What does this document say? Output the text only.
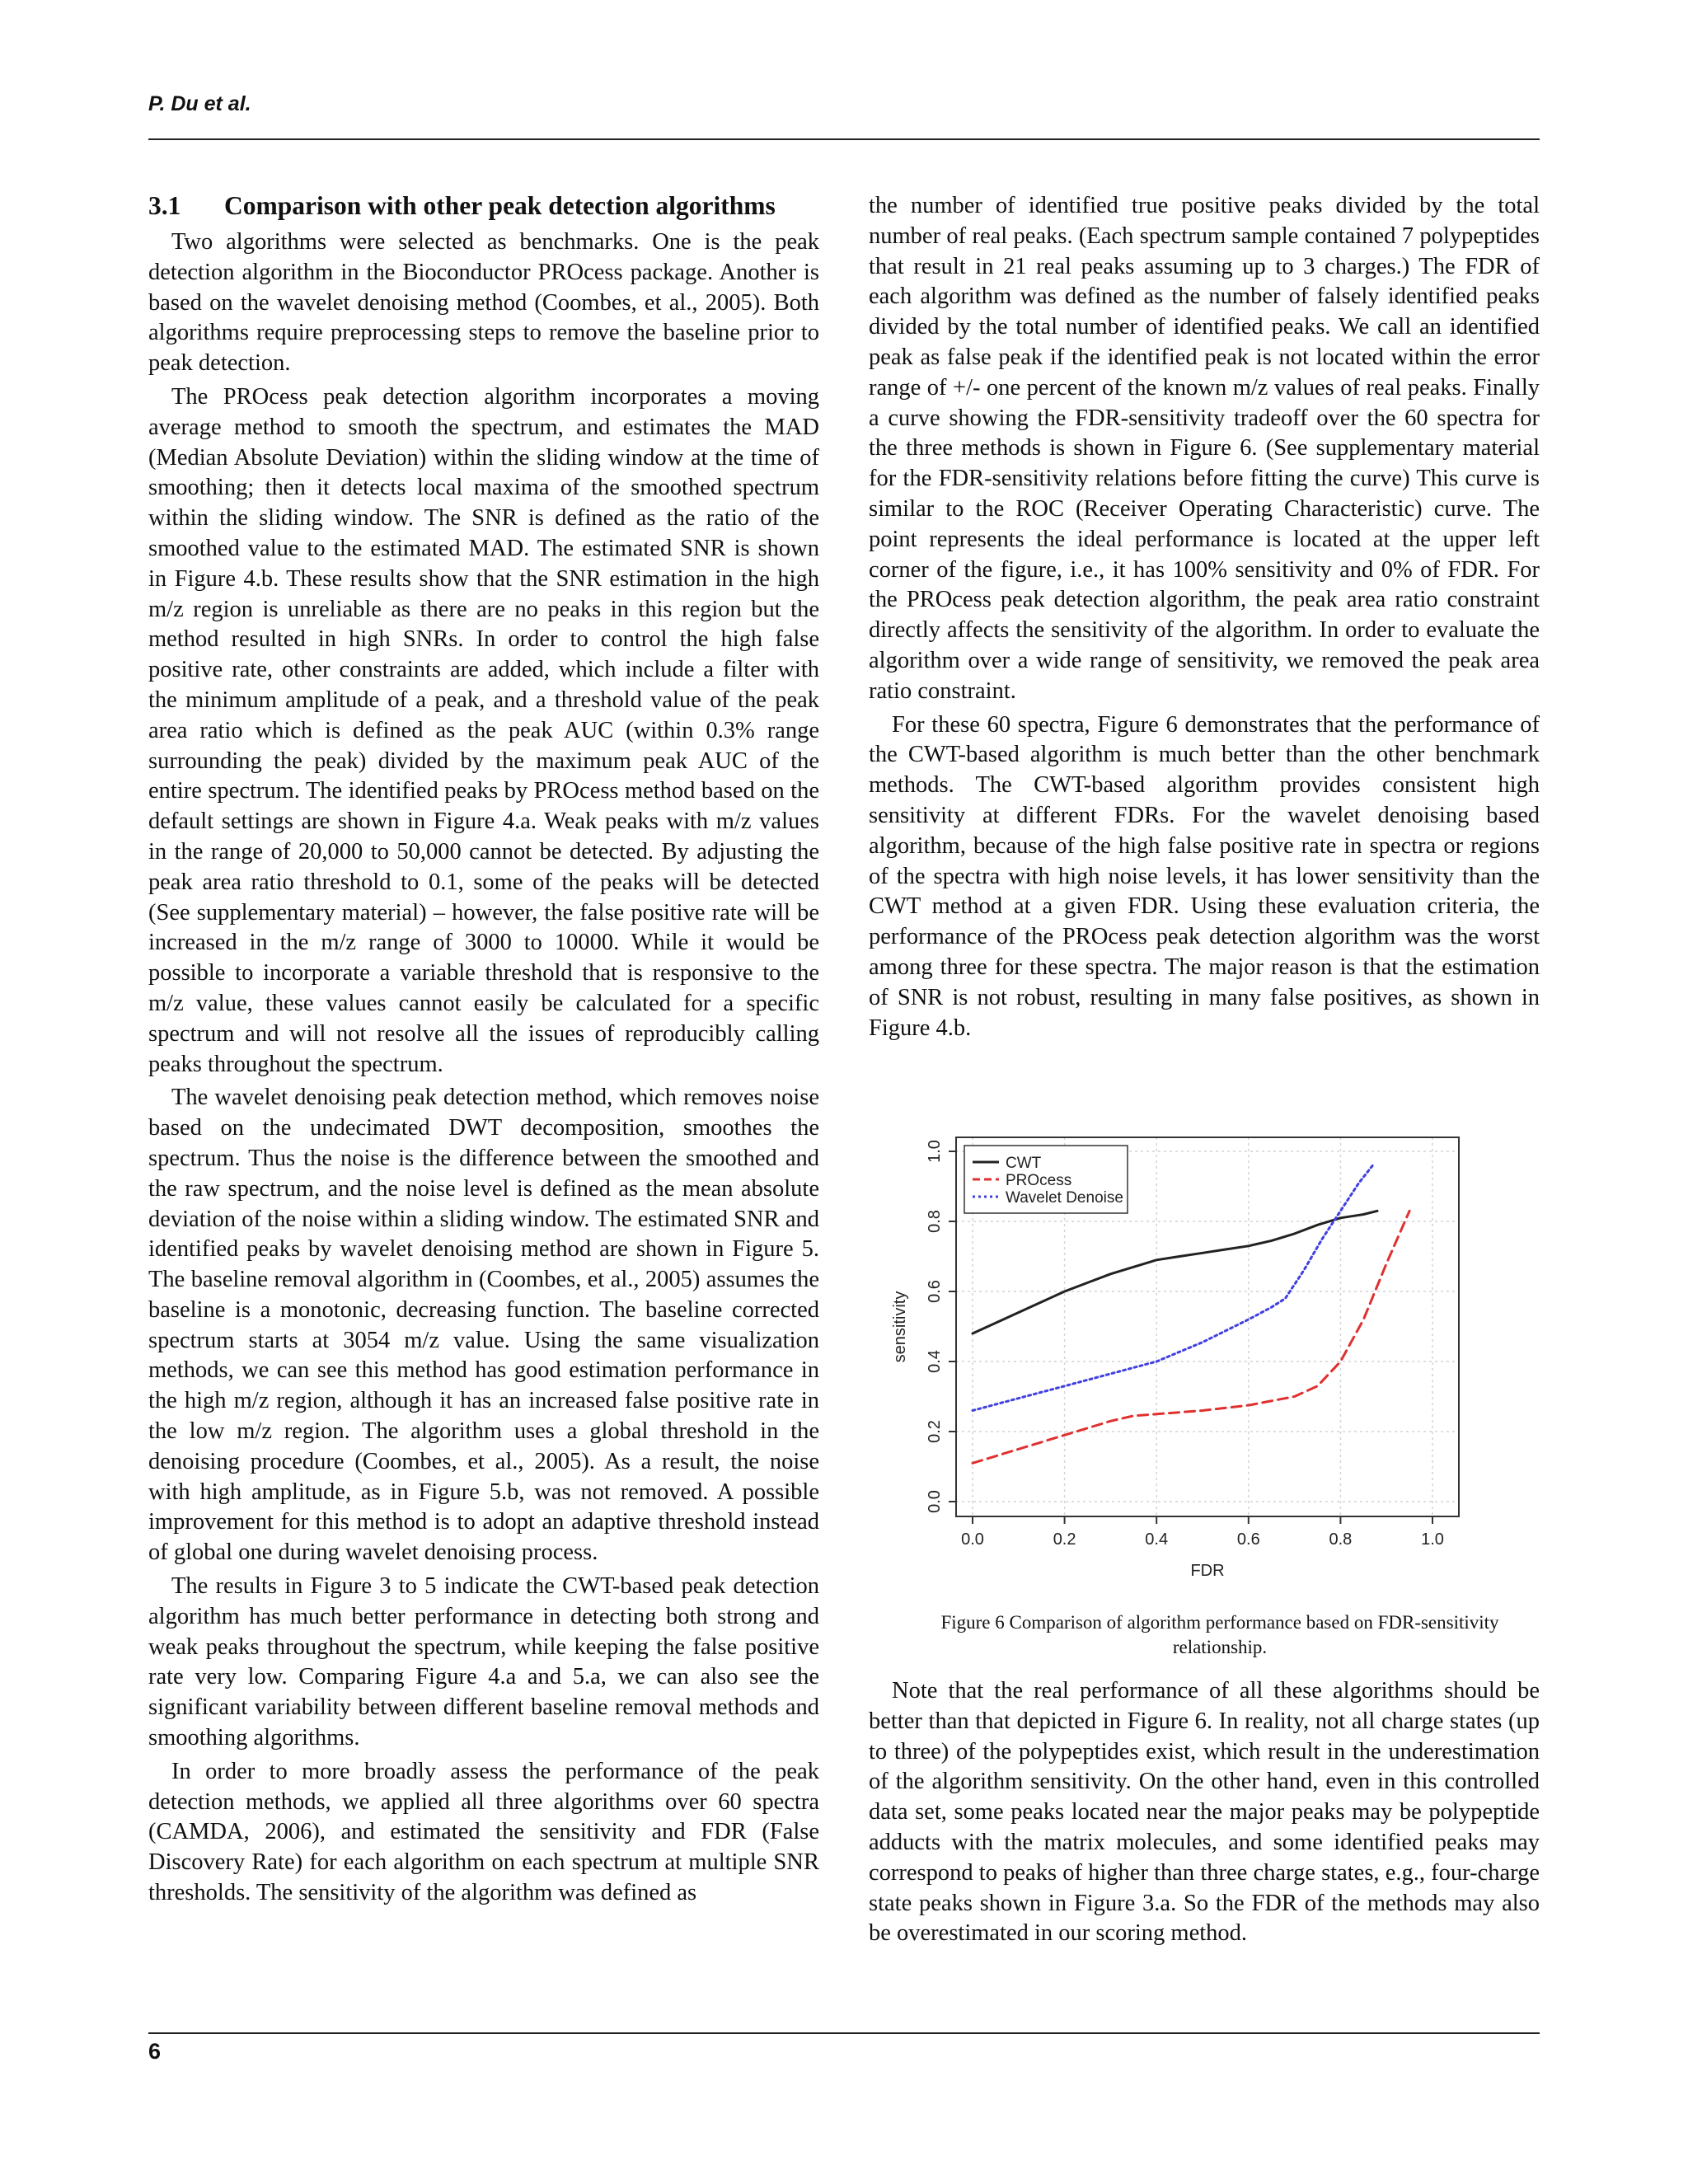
P. Du et al.
3.1 Comparison with other peak detection algorithms

Two algorithms were selected as benchmarks. One is the peak detection algorithm in the Bioconductor PROcess package. Another is based on the wavelet denoising method (Coombes, et al., 2005). Both algorithms require preprocessing steps to remove the baseline prior to peak detection.

The PROcess peak detection algorithm incorporates a moving average method to smooth the spectrum, and estimates the MAD (Median Absolute Deviation) within the sliding window at the time of smoothing; then it detects local maxima of the smoothed spectrum within the sliding window. The SNR is defined as the ratio of the smoothed value to the estimated MAD. The estimated SNR is shown in Figure 4.b. These results show that the SNR estimation in the high m/z region is unreliable as there are no peaks in this region but the method resulted in high SNRs. In order to control the high false positive rate, other constraints are added, which include a filter with the minimum amplitude of a peak, and a threshold value of the peak area ratio which is defined as the peak AUC (within 0.3% range surrounding the peak) divided by the maximum peak AUC of the entire spectrum. The identified peaks by PROcess method based on the default settings are shown in Figure 4.a. Weak peaks with m/z values in the range of 20,000 to 50,000 cannot be detected. By adjusting the peak area ratio threshold to 0.1, some of the peaks will be detected (See supplementary material) – however, the false positive rate will be increased in the m/z range of 3000 to 10000. While it would be possible to incorporate a variable threshold that is responsive to the m/z value, these values cannot easily be calculated for a specific spectrum and will not resolve all the issues of reproducibly calling peaks throughout the spectrum.

The wavelet denoising peak detection method, which removes noise based on the undecimated DWT decomposition, smoothes the spectrum. Thus the noise is the difference between the smoothed and the raw spectrum, and the noise level is defined as the mean absolute deviation of the noise within a sliding window. The estimated SNR and identified peaks by wavelet denoising method are shown in Figure 5. The baseline removal algorithm in (Coombes, et al., 2005) assumes the baseline is a monotonic, decreasing function. The baseline corrected spectrum starts at 3054 m/z value. Using the same visualization methods, we can see this method has good estimation performance in the high m/z region, although it has an increased false positive rate in the low m/z region. The algorithm uses a global threshold in the denoising procedure (Coombes, et al., 2005). As a result, the noise with high amplitude, as in Figure 5.b, was not removed. A possible improvement for this method is to adopt an adaptive threshold instead of global one during wavelet denoising process.

The results in Figure 3 to 5 indicate the CWT-based peak detection algorithm has much better performance in detecting both strong and weak peaks throughout the spectrum, while keeping the false positive rate very low. Comparing Figure 4.a and 5.a, we can also see the significant variability between different baseline removal methods and smoothing algorithms.

In order to more broadly assess the performance of the peak detection methods, we applied all three algorithms over 60 spectra (CAMDA, 2006), and estimated the sensitivity and FDR (False Discovery Rate) for each algorithm on each spectrum at multiple SNR thresholds. The sensitivity of the algorithm was defined as

the number of identified true positive peaks divided by the total number of real peaks. (Each spectrum sample contained 7 polypeptides that result in 21 real peaks assuming up to 3 charges.) The FDR of each algorithm was defined as the number of falsely identified peaks divided by the total number of identified peaks. We call an identified peak as false peak if the identified peak is not located within the error range of +/- one percent of the known m/z values of real peaks. Finally a curve showing the FDR-sensitivity tradeoff over the 60 spectra for the three methods is shown in Figure 6. (See supplementary material for the FDR-sensitivity relations before fitting the curve) This curve is similar to the ROC (Receiver Operating Characteristic) curve. The point represents the ideal performance is located at the upper left corner of the figure, i.e., it has 100% sensitivity and 0% of FDR. For the PROcess peak detection algorithm, the peak area ratio constraint directly affects the sensitivity of the algorithm. In order to evaluate the algorithm over a wide range of sensitivity, we removed the peak area ratio constraint.

For these 60 spectra, Figure 6 demonstrates that the performance of the CWT-based algorithm is much better than the other benchmark methods. The CWT-based algorithm provides consistent high sensitivity at different FDRs. For the wavelet denoising based algorithm, because of the high false positive rate in spectra or regions of the spectra with high noise levels, it has lower sensitivity than the CWT method at a given FDR. Using these evaluation criteria, the performance of the PROcess peak detection algorithm was the worst among three for these spectra. The major reason is that the estimation of SNR is not robust, resulting in many false positives, as shown in Figure 4.b.

0.0	0.2	0.4	0.6	0.8	1.0
0.0
0.2
0.4
0.6
0.8
1.0
FDR
sensitivity
CWT
PROcess
Wavelet Denoise
Figure 6 Comparison of algorithm performance based on FDR-sensitivity relationship.

Note that the real performance of all these algorithms should be better than that depicted in Figure 6. In reality, not all charge states (up to three) of the polypeptides exist, which result in the underestimation of the algorithm sensitivity. On the other hand, even in this controlled data set, some peaks located near the major peaks may be polypeptide adducts with the matrix molecules, and some identified peaks may correspond to peaks of higher than three charge states, e.g., four-charge state peaks shown in Figure 3.a. So the FDR of the methods may also be overestimated in our scoring method.

6
